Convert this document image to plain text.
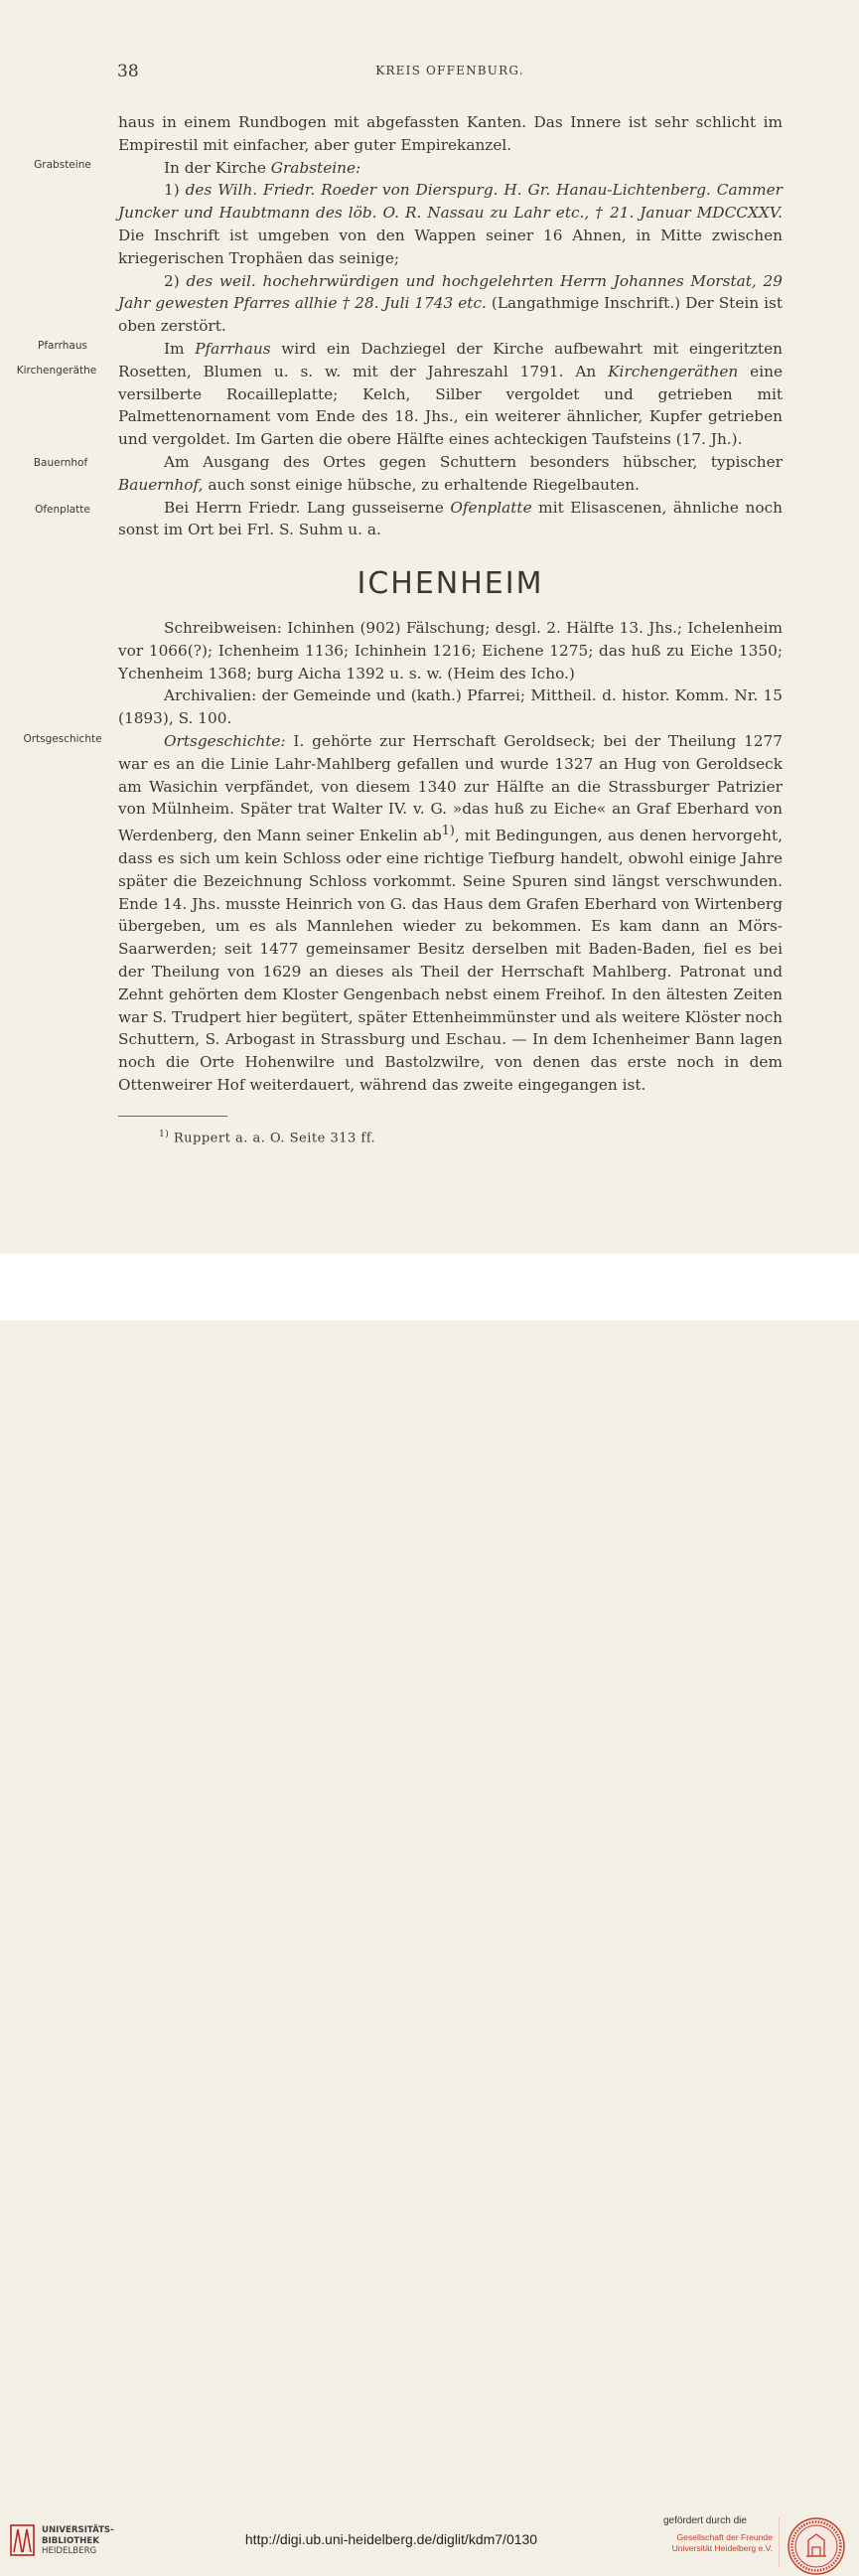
38	KREIS OFFENBURG.
Grabsteine
Pfarrhaus
Kirchengeräthe
Bauernhof
Ofenplatte
Ortsgeschichte

haus in einem Rundbogen mit abgefassten Kanten. Das Innere ist sehr schlicht im Empirestil mit einfacher, aber guter Empirekanzel.

In der Kirche Grabsteine:

1) des Wilh. Friedr. Roeder von Dierspurg. H. Gr. Hanau-Lichtenberg. Cammer Juncker und Haubtmann des löb. O. R. Nassau zu Lahr etc., † 21. Januar MDCCXXV. Die Inschrift ist umgeben von den Wappen seiner 16 Ahnen, in Mitte zwischen kriegerischen Trophäen das seinige;

2) des weil. hochehrwürdigen und hochgelehrten Herrn Johannes Morstat, 29 Jahr gewesten Pfarres allhie † 28. Juli 1743 etc. (Langathmige Inschrift.) Der Stein ist oben zerstört.

Im Pfarrhaus wird ein Dachziegel der Kirche aufbewahrt mit eingeritzten Rosetten, Blumen u. s. w. mit der Jahreszahl 1791. An Kirchengeräthen eine versilberte Rocailleplatte; Kelch, Silber vergoldet und getrieben mit Palmettenornament vom Ende des 18. Jhs., ein weiterer ähnlicher, Kupfer getrieben und vergoldet. Im Garten die obere Hälfte eines achteckigen Taufsteins (17. Jh.).

Am Ausgang des Ortes gegen Schuttern besonders hübscher, typischer Bauernhof, auch sonst einige hübsche, zu erhaltende Riegelbauten.

Bei Herrn Friedr. Lang gusseiserne Ofenplatte mit Elisascenen, ähnliche noch sonst im Ort bei Frl. S. Suhm u. a.

ICHENHEIM

Schreibweisen: Ichinhen (902) Fälschung; desgl. 2. Hälfte 13. Jhs.; Ichelenheim vor 1066(?); Ichenheim 1136; Ichinhein 1216; Eichene 1275; das huß zu Eiche 1350; Ychenheim 1368; burg Aicha 1392 u. s. w. (Heim des Icho.)

Archivalien: der Gemeinde und (kath.) Pfarrei; Mittheil. d. histor. Komm. Nr. 15 (1893), S. 100.

Ortsgeschichte: I. gehörte zur Herrschaft Geroldseck; bei der Theilung 1277 war es an die Linie Lahr-Mahlberg gefallen und wurde 1327 an Hug von Geroldseck am Wasichin verpfändet, von diesem 1340 zur Hälfte an die Strassburger Patrizier von Mülnheim. Später trat Walter IV. v. G. »das huß zu Eiche« an Graf Eberhard von Werdenberg, den Mann seiner Enkelin $ab^{1)}$, mit Bedingungen, aus denen hervorgeht, dass es sich um kein Schloss oder eine richtige Tiefburg handelt, obwohl einige Jahre später die Bezeichnung Schloss vorkommt. Seine Spuren sind längst verschwunden. Ende 14. Jhs. musste Heinrich von G. das Haus dem Grafen Eberhard von Wirtenberg übergeben, um es als Mannlehen wieder zu bekommen. Es kam dann an Mörs-Saarwerden; seit 1477 gemeinsamer Besitz derselben mit Baden-Baden, fiel es bei der Theilung von 1629 an dieses als Theil der Herrschaft Mahlberg. Patronat und Zehnt gehörten dem Kloster Gengenbach nebst einem Freihof. In den ältesten Zeiten war S. Trudpert hier begütert, später Ettenheimmünster und als weitere Klöster noch Schuttern, S. Arbogast in Strassburg und Eschau. — In dem Ichenheimer Bann lagen noch die Orte Hohenwilre und Bastolzwilre, von denen das erste noch in dem Ottenweirer Hof weiterdauert, während das zweite eingegangen ist.

$^{1)}$ Ruppert a. a. O. Seite 313 ff.
UNIVERSITÄTS-
BIBLIOTHEK
HEIDELBERG
http://digi.ub.uni-heidelberg.de/diglit/kdm7/0130
gefördert durch die
Gesellschaft der Freunde
Universität Heidelberg e.V.
